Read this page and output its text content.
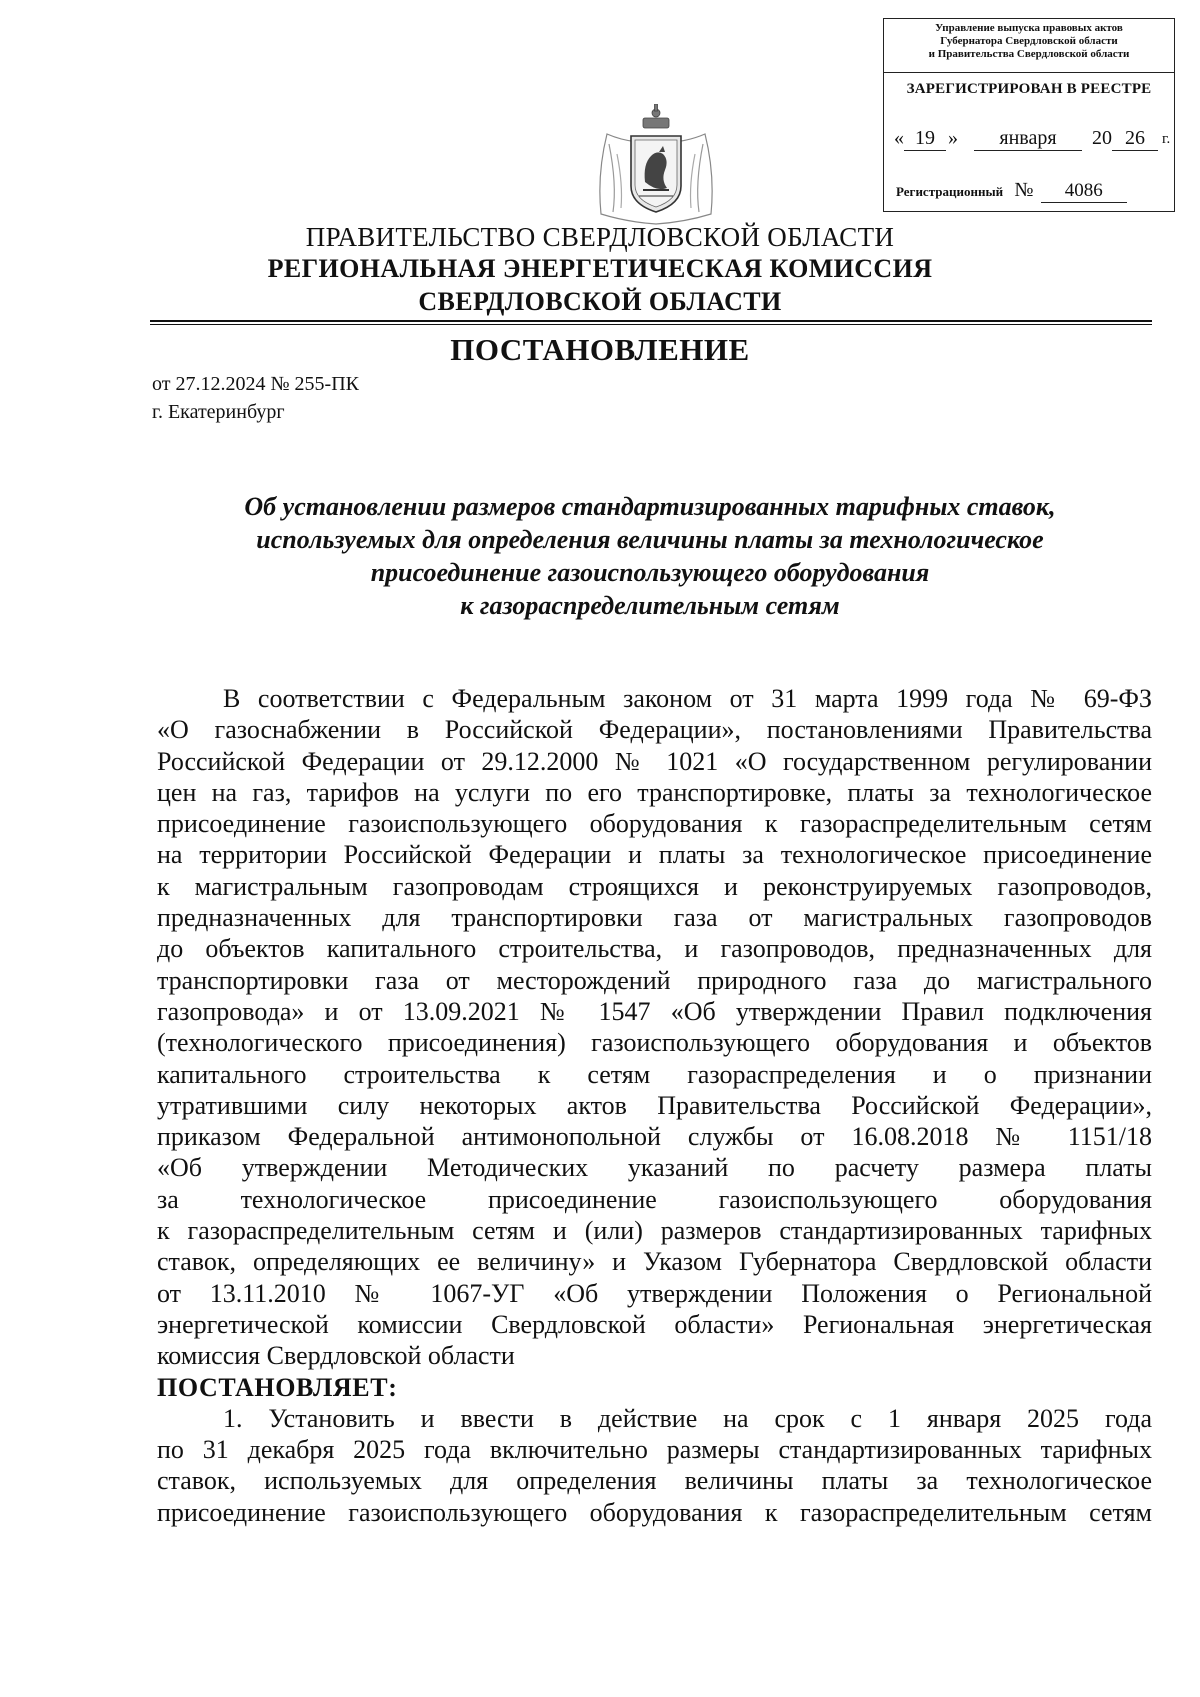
Управление выпуска правовых актов
Губернатора Свердловской области
и Правительства Свердловской области
ЗАРЕГИСТРИРОВАН В РЕЕСТРЕ
« 19 »	января	20 26	г.
Регистрационный № 4086
ПРАВИТЕЛЬСТВО СВЕРДЛОВСКОЙ ОБЛАСТИ
РЕГИОНАЛЬНАЯ ЭНЕРГЕТИЧЕСКАЯ КОМИССИЯ
СВЕРДЛОВСКОЙ ОБЛАСТИ
ПОСТАНОВЛЕНИЕ
от 27.12.2024 № 255-ПК
г. Екатеринбург
Об установлении размеров стандартизированных тарифных ставок,
используемых для определения величины платы за технологическое
присоединение газоиспользующего оборудования
к газораспределительным сетям
В соответствии с Федеральным законом от 31 марта 1999 года № 69-ФЗ
«О газоснабжении в Российской Федерации», постановлениями Правительства
Российской Федерации от 29.12.2000 № 1021 «О государственном регулировании
цен на газ, тарифов на услуги по его транспортировке, платы за технологическое
присоединение газоиспользующего оборудования к газораспределительным сетям
на территории Российской Федерации и платы за технологическое присоединение
к магистральным газопроводам строящихся и реконструируемых газопроводов,
предназначенных для транспортировки газа от магистральных газопроводов
до объектов капитального строительства, и газопроводов, предназначенных для
транспортировки газа от месторождений природного газа до магистрального
газопровода» и от 13.09.2021 № 1547 «Об утверждении Правил подключения
(технологического присоединения) газоиспользующего оборудования и объектов
капитального строительства к сетям газораспределения и о признании
утратившими силу некоторых актов Правительства Российской Федерации»,
приказом Федеральной антимонопольной службы от 16.08.2018 № 1151/18
«Об утверждении Методических указаний по расчету размера платы
за технологическое присоединение газоиспользующего оборудования
к газораспределительным сетям и (или) размеров стандартизированных тарифных
ставок, определяющих ее величину» и Указом Губернатора Свердловской области
от 13.11.2010 № 1067-УГ «Об утверждении Положения о Региональной
энергетической комиссии Свердловской области» Региональная энергетическая
комиссия Свердловской области
ПОСТАНОВЛЯЕТ:
1. Установить и ввести в действие на срок с 1 января 2025 года
по 31 декабря 2025 года включительно размеры стандартизированных тарифных
ставок, используемых для определения величины платы за технологическое
присоединение газоиспользующего оборудования к газораспределительным сетям
